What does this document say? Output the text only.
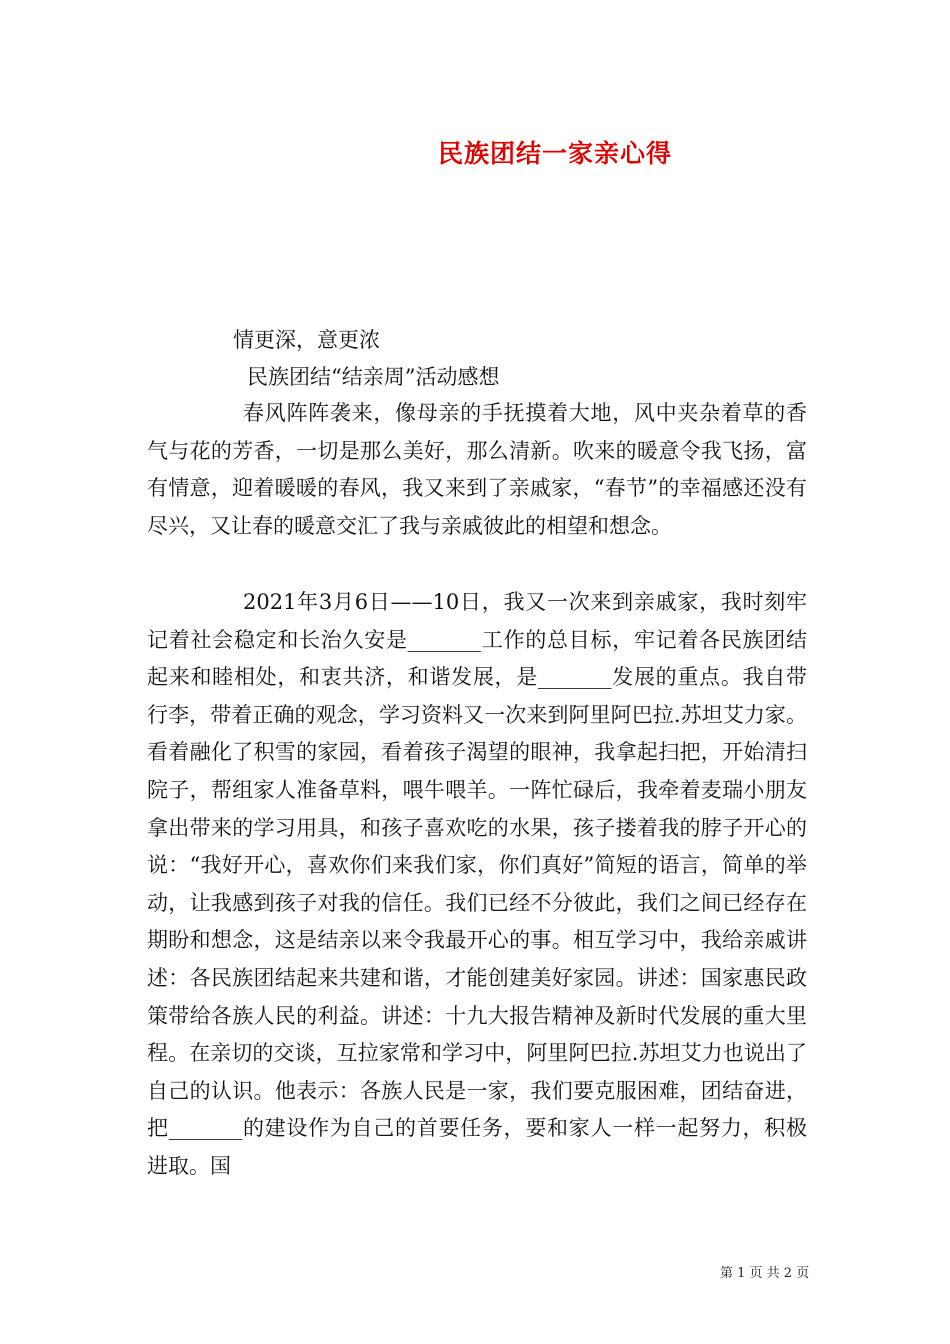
民族团结一家亲心得
情更深，意更浓
民族团结“结亲周”活动感想

春风阵阵袭来，像母亲的手抚摸着大地，风中夹杂着草的香气与花的芳香，一切是那么美好，那么清新。吹来的暖意令我飞扬，富有情意，迎着暖暖的春风，我又来到了亲戚家，“春节”的幸福感还没有尽兴，又让春的暖意交汇了我与亲戚彼此的相望和想念。

2021年3月6日——10日，我又一次来到亲戚家，我时刻牢记着社会稳定和长治久安是_______工作的总目标，牢记着各民族团结起来和睦相处，和衷共济，和谐发展，是_______发展的重点。我自带行李，带着正确的观念，学习资料又一次来到阿里阿巴拉.苏坦艾力家。看着融化了积雪的家园，看着孩子渴望的眼神，我拿起扫把，开始清扫院子，帮组家人准备草料，喂牛喂羊。一阵忙碌后，我牵着麦瑞小朋友拿出带来的学习用具，和孩子喜欢吃的水果，孩子搂着我的脖子开心的说：“我好开心，喜欢你们来我们家，你们真好”简短的语言，简单的举动，让我感到孩子对我的信任。我们已经不分彼此，我们之间已经存在期盼和想念，这是结亲以来令我最开心的事。相互学习中，我给亲戚讲述：各民族团结起来共建和谐，才能创建美好家园。讲述：国家惠民政策带给各族人民的利益。讲述：十九大报告精神及新时代发展的重大里程。在亲切的交谈，互拉家常和学习中，阿里阿巴拉.苏坦艾力也说出了自己的认识。他表示：各族人民是一家，我们要克服困难，团结奋进，把_______的建设作为自己的首要任务，要和家人一样一起努力，积极进取。国

第 1 页 共 2 页
